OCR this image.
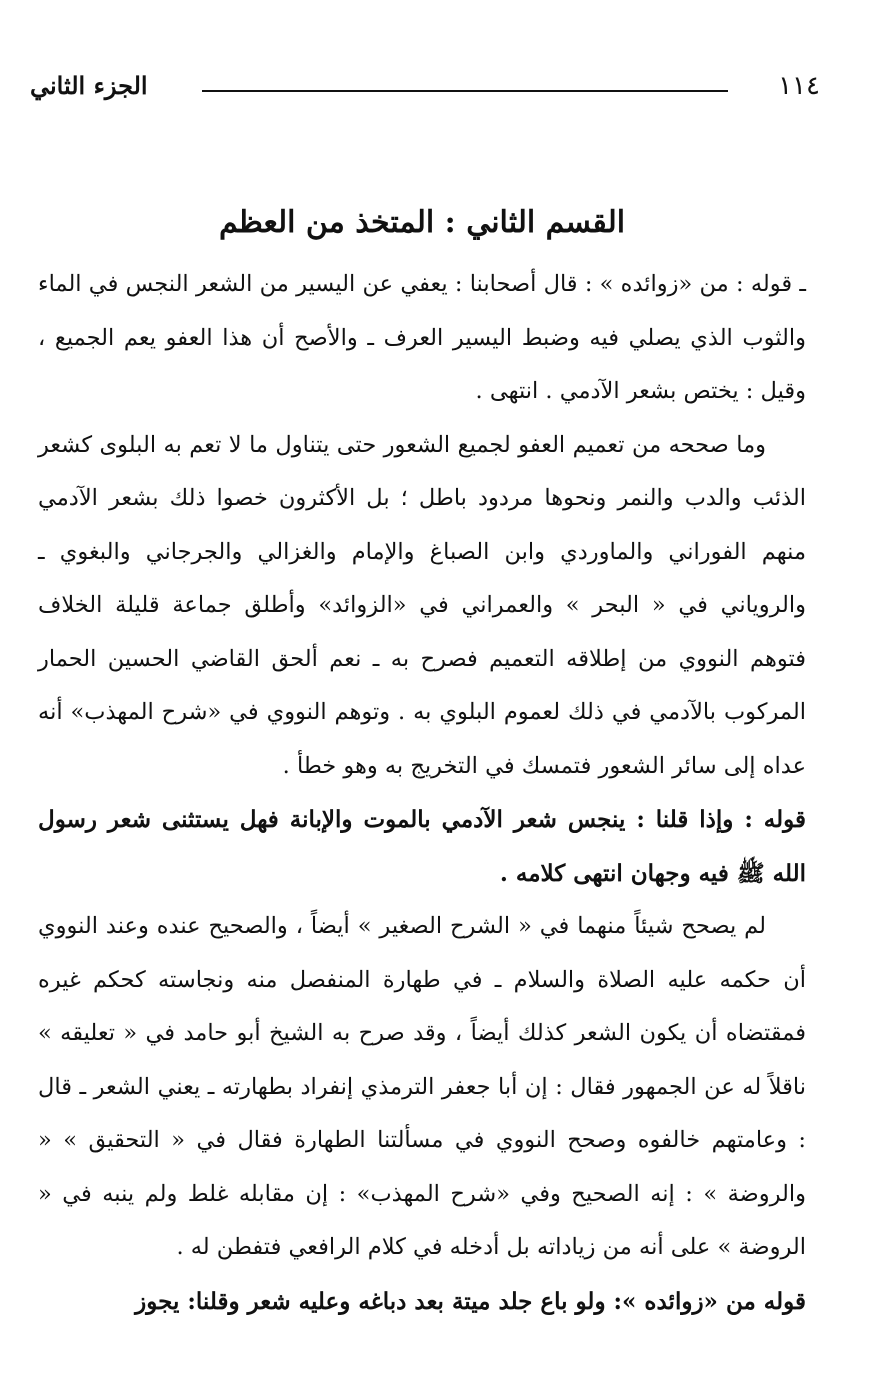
١١٤
الجزء الثاني
القسم الثاني : المتخذ من العظم

ـ قوله : من «زوائده » : قال أصحابنا : يعفي عن اليسير من الشعر النجس في الماء والثوب الذي يصلي فيه وضبط اليسير العرف ـ والأصح أن هذا العفو يعم الجميع ، وقيل : يختص بشعر الآدمي . انتهى .

وما صححه من تعميم العفو لجميع الشعور حتى يتناول ما لا تعم به البلوى كشعر الذئب والدب والنمر ونحوها مردود باطل ؛ بل الأكثرون خصوا ذلك بشعر الآدمي منهم الفوراني والماوردي وابن الصباغ والإمام والغزالي والجرجاني والبغوي ـ والروياني في « البحر » والعمراني في «الزوائد» وأطلق جماعة قليلة الخلاف فتوهم النووي من إطلاقه التعميم فصرح به ـ نعم ألحق القاضي الحسين الحمار المركوب بالآدمي في ذلك لعموم البلوي به . وتوهم النووي في «شرح المهذب» أنه عداه إلى سائر الشعور فتمسك في التخريج به وهو خطأ .

قوله : وإذا قلنا : ينجس شعر الآدمي بالموت والإبانة فهل يستثنى شعر رسول الله ﷺ فيه وجهان انتهى كلامه .

لم يصحح شيئاً منهما في « الشرح الصغير » أيضاً ، والصحيح عنده وعند النووي أن حكمه عليه الصلاة والسلام ـ في طهارة المنفصل منه ونجاسته كحكم غيره فمقتضاه أن يكون الشعر كذلك أيضاً ، وقد صرح به الشيخ أبو حامد في « تعليقه » ناقلاً له عن الجمهور فقال : إن أبا جعفر الترمذي إنفراد بطهارته ـ يعني الشعر ـ قال : وعامتهم خالفوه وصحح النووي في مسألتنا الطهارة فقال في « التحقيق » « والروضة » : إنه الصحيح وفي «شرح المهذب» : إن مقابله غلط ولم ينبه في « الروضة » على أنه من زياداته بل أدخله في كلام الرافعي فتفطن له .

قوله من «زوائده »: ولو باع جلد ميتة بعد دباغه وعليه شعر وقلنا: يجوز
